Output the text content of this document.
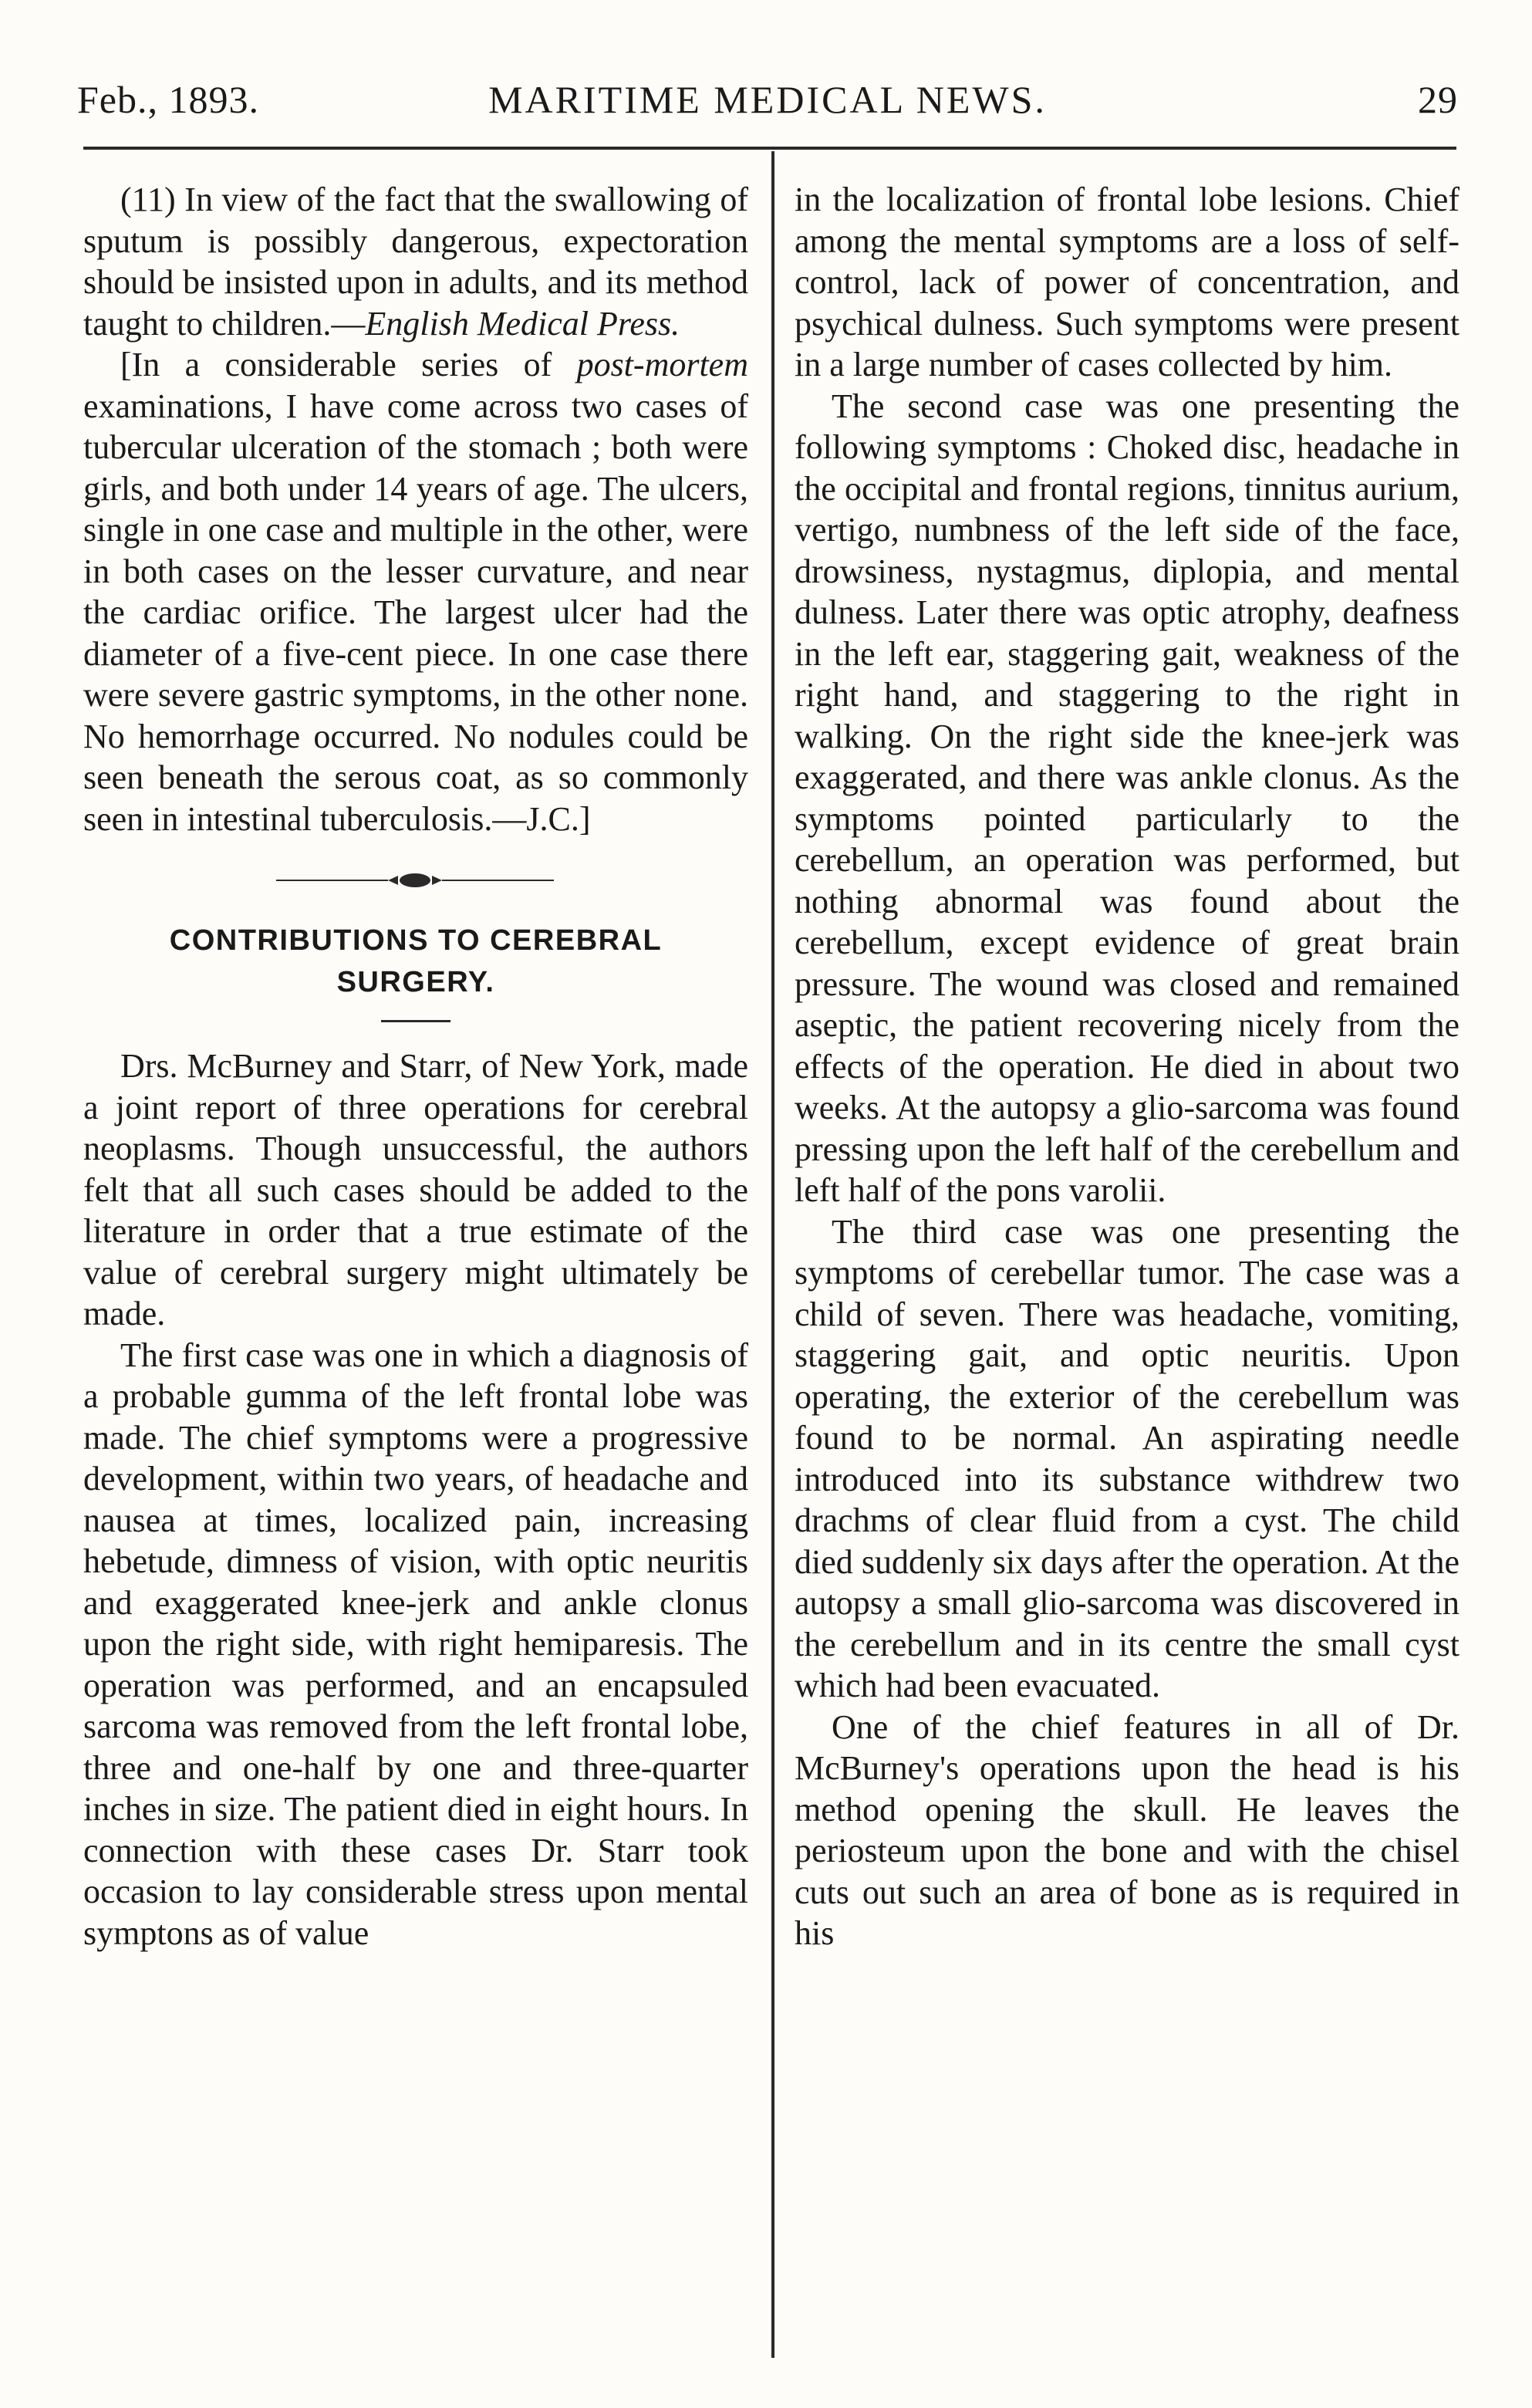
Feb., 1893.	MARITIME MEDICAL NEWS.	29

(11) In view of the fact that the swallowing of sputum is possibly dangerous, expectoration should be insisted upon in adults, and its method taught to children.—English Medical Press.

[In a considerable series of post-mortem examinations, I have come across two cases of tubercular ulceration of the stomach ; both were girls, and both under 14 years of age. The ulcers, single in one case and multiple in the other, were in both cases on the lesser curvature, and near the cardiac orifice. The largest ulcer had the diameter of a five-cent piece. In one case there were severe gastric symptoms, in the other none. No hemorrhage occurred. No nodules could be seen beneath the serous coat, as so commonly seen in intestinal tuberculosis.—J.C.]

CONTRIBUTIONS TO CEREBRAL
SURGERY.

Drs. McBurney and Starr, of New York, made a joint report of three operations for cerebral neoplasms. Though unsuccessful, the authors felt that all such cases should be added to the literature in order that a true estimate of the value of cerebral surgery might ultimately be made.

The first case was one in which a diagnosis of a probable gumma of the left frontal lobe was made. The chief symptoms were a progressive development, within two years, of headache and nausea at times, localized pain, increasing hebetude, dimness of vision, with optic neuritis and exaggerated knee-jerk and ankle clonus upon the right side, with right hemiparesis. The operation was performed, and an encapsuled sarcoma was removed from the left frontal lobe, three and one-half by one and three-quarter inches in size. The patient died in eight hours. In connection with these cases Dr. Starr took occasion to lay considerable stress upon mental symptons as of value

in the localization of frontal lobe lesions. Chief among the mental symptoms are a loss of self-control, lack of power of concentration, and psychical dulness. Such symptoms were present in a large number of cases collected by him.

The second case was one presenting the following symptoms : Choked disc, headache in the occipital and frontal regions, tinnitus aurium, vertigo, numbness of the left side of the face, drowsiness, nystagmus, diplopia, and mental dulness. Later there was optic atrophy, deafness in the left ear, staggering gait, weakness of the right hand, and staggering to the right in walking. On the right side the knee-jerk was exaggerated, and there was ankle clonus. As the symptoms pointed particularly to the cerebellum, an operation was performed, but nothing abnormal was found about the cerebellum, except evidence of great brain pressure. The wound was closed and remained aseptic, the patient recovering nicely from the effects of the operation. He died in about two weeks. At the autopsy a glio-sarcoma was found pressing upon the left half of the cerebellum and left half of the pons varolii.

The third case was one presenting the symptoms of cerebellar tumor. The case was a child of seven. There was headache, vomiting, staggering gait, and optic neuritis. Upon operating, the exterior of the cerebellum was found to be normal. An aspirating needle introduced into its substance withdrew two drachms of clear fluid from a cyst. The child died suddenly six days after the operation. At the autopsy a small glio-sarcoma was discovered in the cerebellum and in its centre the small cyst which had been evacuated.

One of the chief features in all of Dr. McBurney's operations upon the head is his method opening the skull. He leaves the periosteum upon the bone and with the chisel cuts out such an area of bone as is required in his
